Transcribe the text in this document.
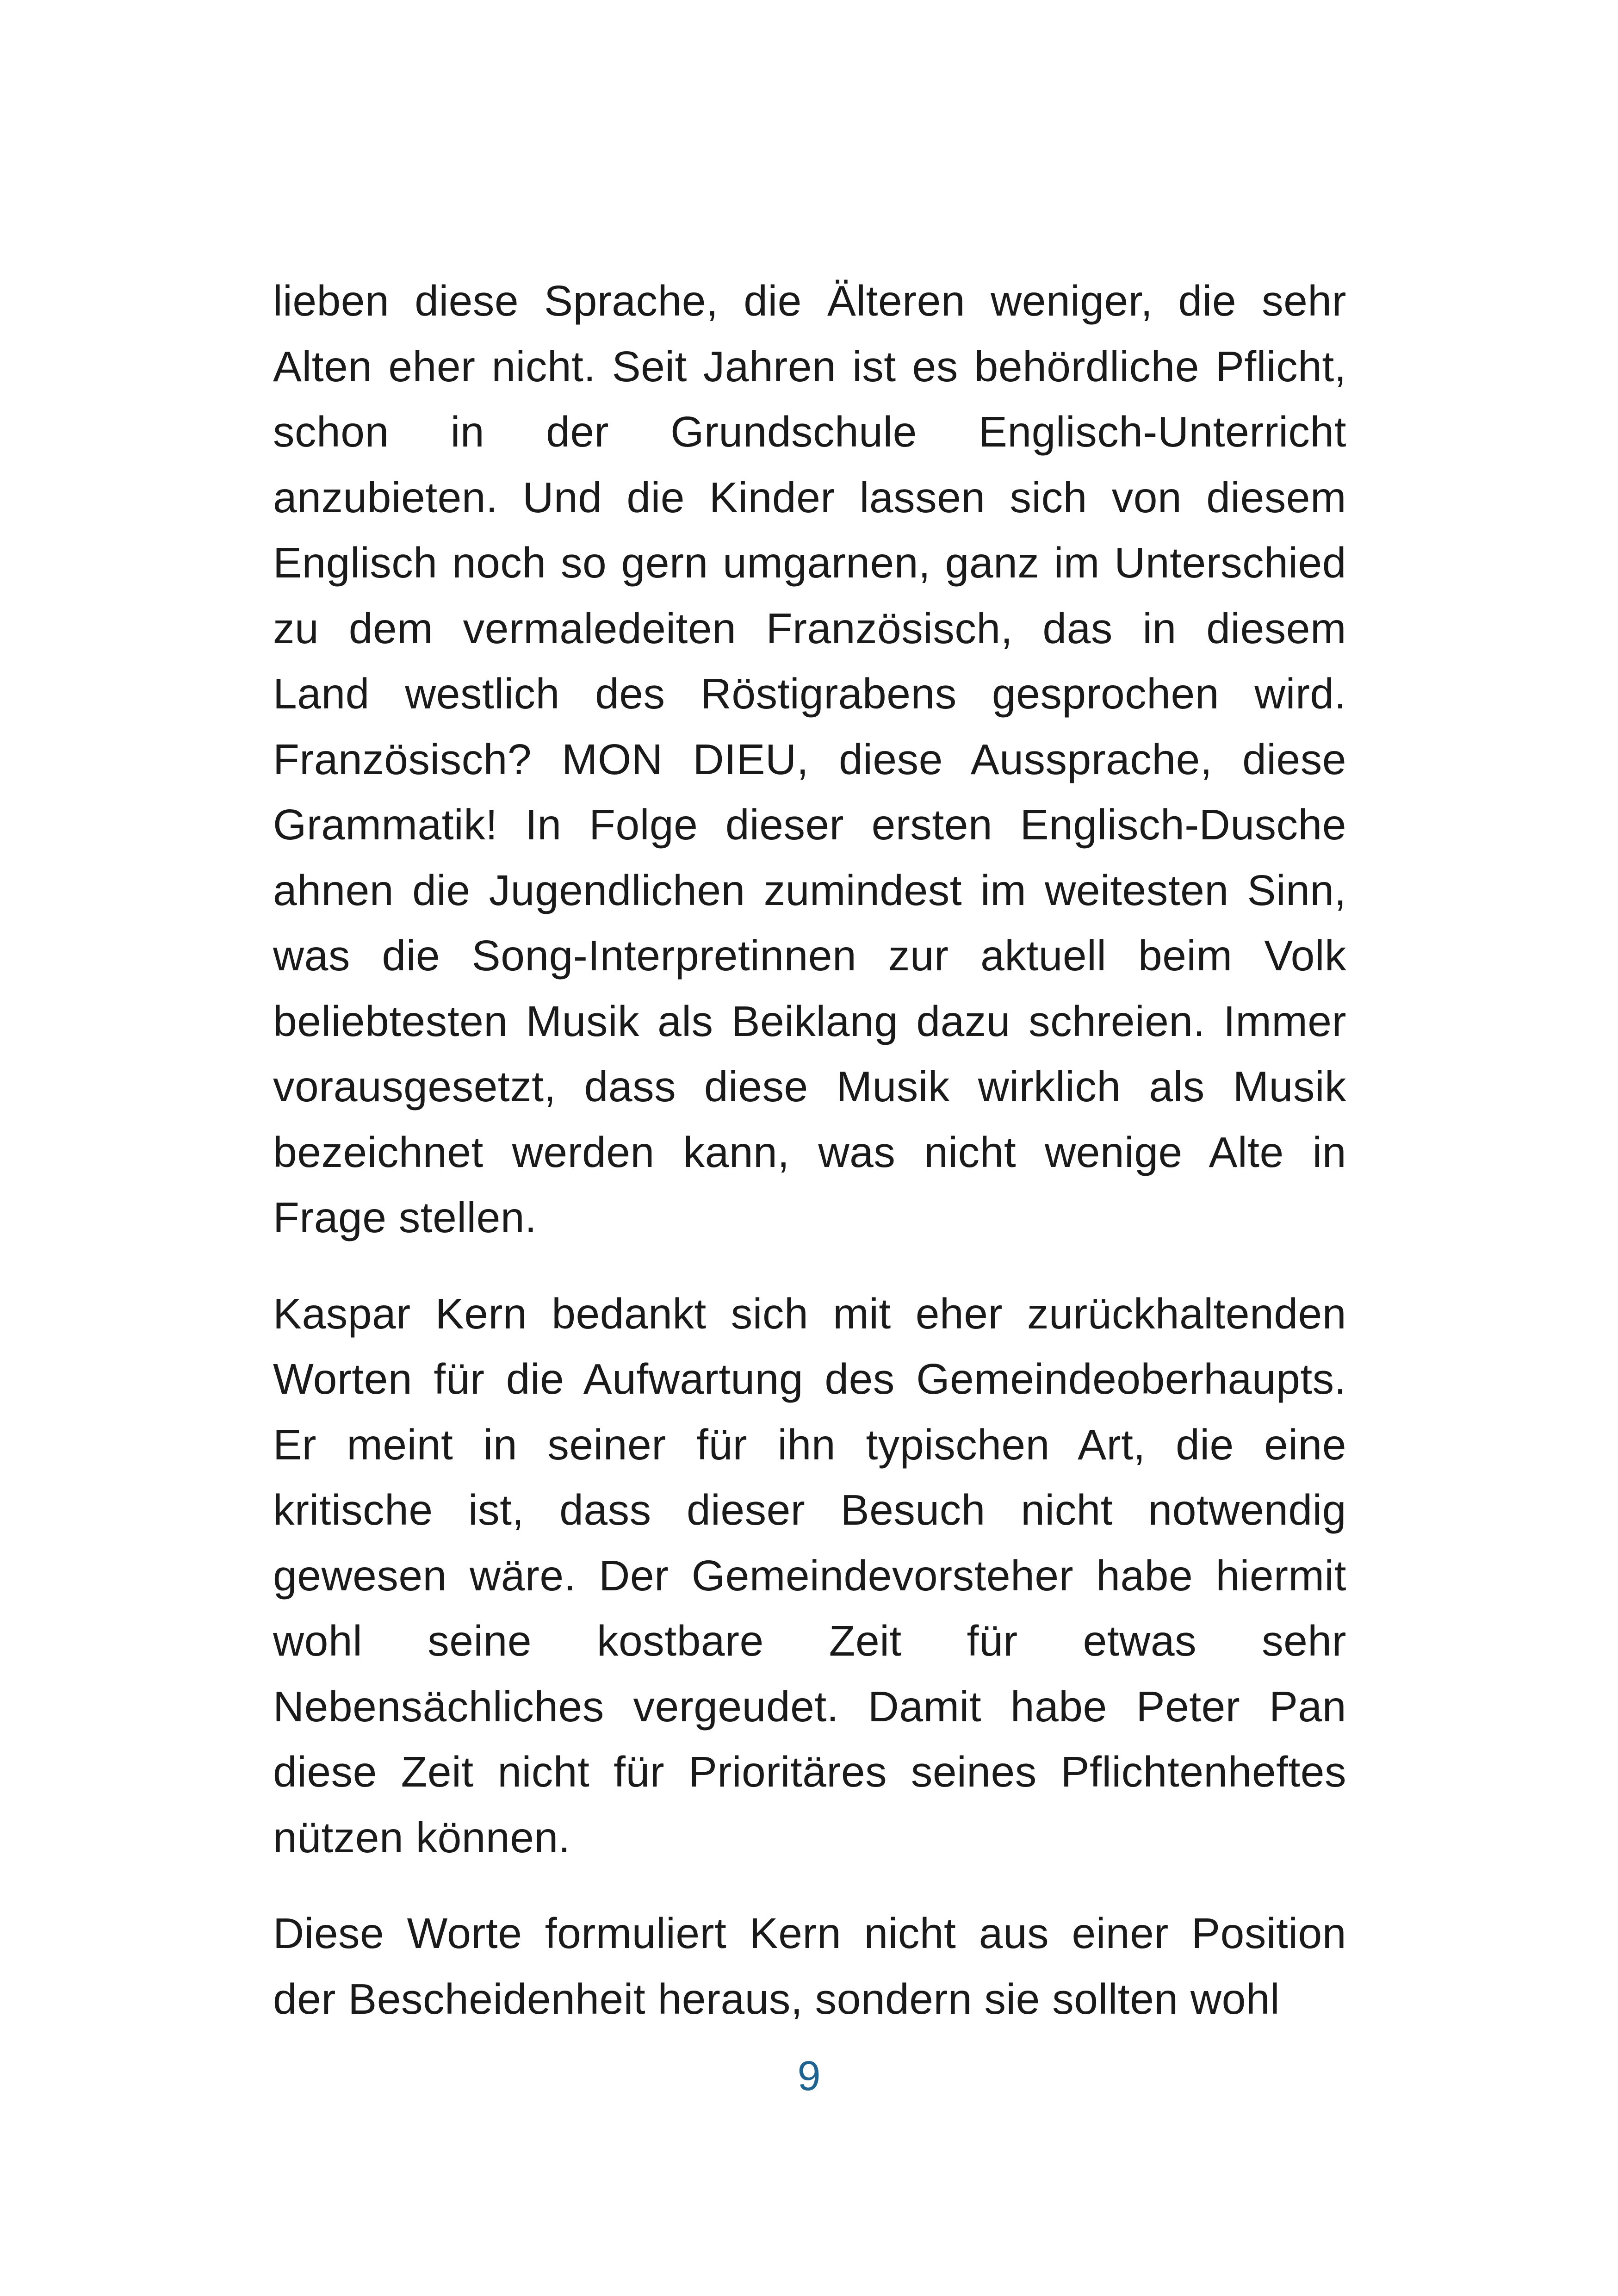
lieben diese Sprache, die Älteren weniger, die sehr Alten eher nicht. Seit Jahren ist es behördliche Pflicht, schon in der Grundschule Englisch-Unterricht anzubieten. Und die Kinder lassen sich von diesem Englisch noch so gern umgarnen, ganz im Unterschied zu dem vermaledeiten Französisch, das in diesem Land westlich des Röstigrabens gesprochen wird. Französisch? MON DIEU, diese Aussprache, diese Grammatik! In Folge dieser ersten Englisch-Dusche ahnen die Jugendlichen zumindest im weitesten Sinn, was die Song-Interpretinnen zur aktuell beim Volk beliebtesten Musik als Beiklang dazu schreien. Immer vorausgesetzt, dass diese Musik wirklich als Musik bezeichnet werden kann, was nicht wenige Alte in Frage stellen.

Kaspar Kern bedankt sich mit eher zurückhaltenden Worten für die Aufwartung des Gemeindeoberhaupts. Er meint in seiner für ihn typischen Art, die eine kritische ist, dass dieser Besuch nicht notwendig gewesen wäre. Der Gemeindevorsteher habe hiermit wohl seine kostbare Zeit für etwas sehr Nebensächliches vergeudet. Damit habe Peter Pan diese Zeit nicht für Prioritäres seines Pflichtenheftes nützen können.

Diese Worte formuliert Kern nicht aus einer Position der Bescheidenheit heraus, sondern sie sollten wohl

9
